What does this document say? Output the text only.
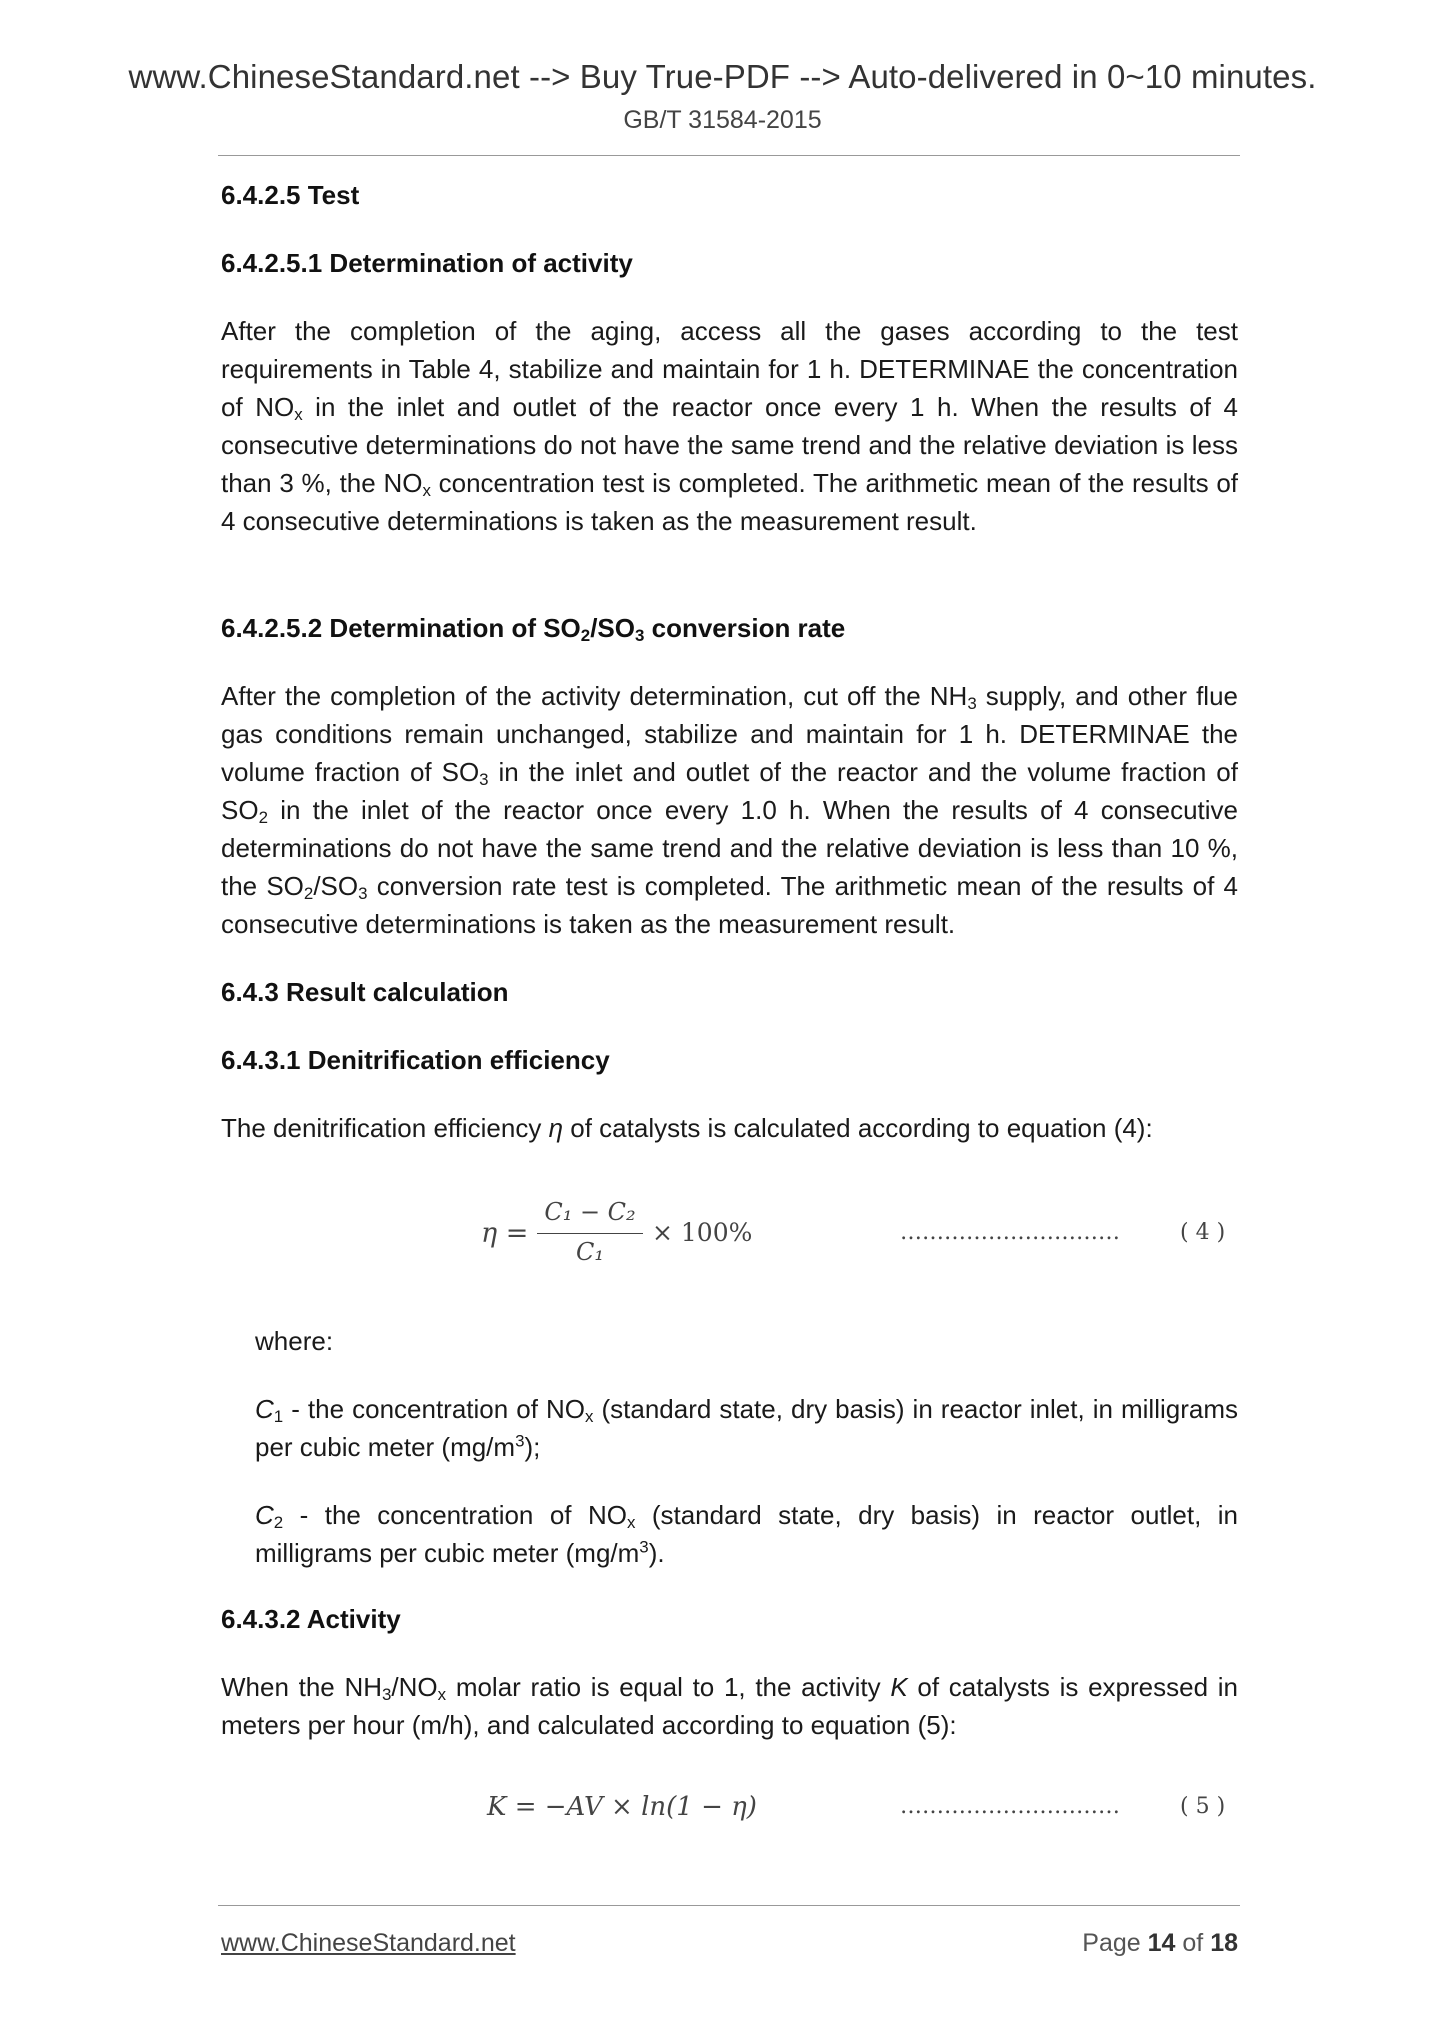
www.ChineseStandard.net --> Buy True-PDF --> Auto-delivered in 0~10 minutes.
GB/T 31584-2015
6.4.2.5 Test
6.4.2.5.1 Determination of activity

After the completion of the aging, access all the gases according to the test requirements in Table 4, stabilize and maintain for 1 h. DETERMINAE the concentration of $NO_x$ in the inlet and outlet of the reactor once every 1 h. When the results of 4 consecutive determinations do not have the same trend and the relative deviation is less than 3 %, the $NO_x$ concentration test is completed. The arithmetic mean of the results of 4 consecutive determinations is taken as the measurement result.

6.4.2.5.2 Determination of $SO_2/SO_3$ conversion rate

After the completion of the activity determination, cut off the $NH_3$ supply, and other flue gas conditions remain unchanged, stabilize and maintain for 1 h. DETERMINAE the volume fraction of $SO_3$ in the inlet and outlet of the reactor and the volume fraction of $SO_2$ in the inlet of the reactor once every 1.0 h. When the results of 4 consecutive determinations do not have the same trend and the relative deviation is less than 10 %, the $SO_2/SO_3$ conversion rate test is completed. The arithmetic mean of the results of 4 consecutive determinations is taken as the measurement result.

6.4.3 Result calculation
6.4.3.1 Denitrification efficiency

The denitrification efficiency η of catalysts is calculated according to equation (4):

η =
C₁ − C₂
C₁
× 100%	…………………………	( 4 )
where:

$C_1$ - the concentration of $NO_x$ (standard state, dry basis) in reactor inlet, in milligrams per cubic meter $(mg/m^3)$;

$C_2$ - the concentration of $NO_x$ (standard state, dry basis) in reactor outlet, in milligrams per cubic meter $(mg/m^3)$.

6.4.3.2 Activity

When the $NH_3/NO_x$ molar ratio is equal to 1, the activity K of catalysts is expressed in meters per hour (m/h), and calculated according to equation (5):

K = −AV × ln(1 − η)	…………………………	( 5 )
www.ChineseStandard.net	Page 14 of 18
